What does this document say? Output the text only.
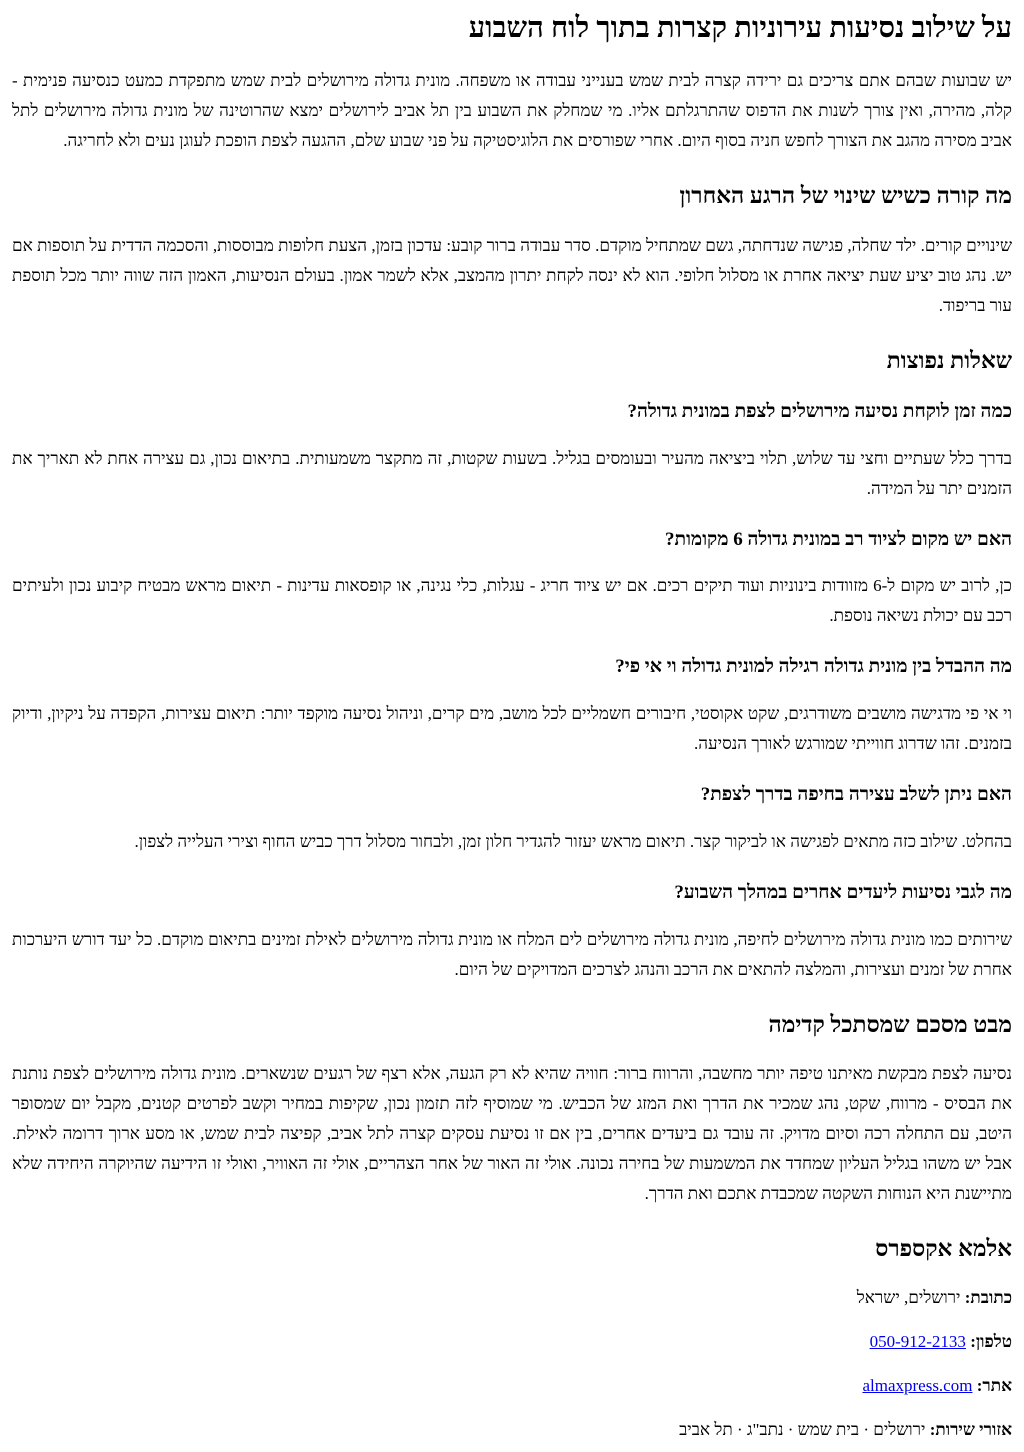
על שילוב נסיעות עירוניות קצרות בתוך לוח השבוע

יש שבועות שבהם אתם צריכים גם ירידה קצרה לבית שמש בענייני עבודה או משפחה. מונית גדולה מירושלים לבית שמש מתפקדת כמעט כנסיעה פנימית - קלה, מהירה, ואין צורך לשנות את הדפוס שהתרגלתם אליו. מי שמחלק את השבוע בין תל אביב לירושלים ימצא שהרוטינה של מונית גדולה מירושלים לתל אביב מסירה מהגב את הצורך לחפש חניה בסוף היום. אחרי שפורסים את הלוגיסטיקה על פני שבוע שלם, ההגעה לצפת הופכת לעוגן נעים ולא לחריגה.

מה קורה כשיש שינוי של הרגע האחרון

שינויים קורים. ילד שחלה, פגישה שנדחתה, גשם שמתחיל מוקדם. סדר עבודה ברור קובע: עדכון בזמן, הצעת חלופות מבוססות, והסכמה הדדית על תוספות אם יש. נהג טוב יציע שעת יציאה אחרת או מסלול חלופי. הוא לא ינסה לקחת יתרון מהמצב, אלא לשמר אמון. בעולם הנסיעות, האמון הזה שווה יותר מכל תוספת עור בריפוד.

שאלות נפוצות
כמה זמן לוקחת נסיעה מירושלים לצפת במונית גדולה?

בדרך כלל שעתיים וחצי עד שלוש, תלוי ביציאה מהעיר ובעומסים בגליל. בשעות שקטות, זה מתקצר משמעותית. בתיאום נכון, גם עצירה אחת לא תאריך את הזמנים יתר על המידה.

האם יש מקום לציוד רב במונית גדולה 6 מקומות?

כן, לרוב יש מקום ל-6 מזוודות בינוניות ועוד תיקים רכים. אם יש ציוד חריג - עגלות, כלי נגינה, או קופסאות עדינות - תיאום מראש מבטיח קיבוע נכון ולעיתים רכב עם יכולת נשיאה נוספת.

מה ההבדל בין מונית גדולה רגילה למונית גדולה וי אי פי?

וי אי פי מדגישה מושבים משודרגים, שקט אקוסטי, חיבורים חשמליים לכל מושב, מים קרים, וניהול נסיעה מוקפד יותר: תיאום עצירות, הקפדה על ניקיון, ודיוק בזמנים. זהו שדרוג חווייתי שמורגש לאורך הנסיעה.

האם ניתן לשלב עצירה בחיפה בדרך לצפת?

בהחלט. שילוב כזה מתאים לפגישה או לביקור קצר. תיאום מראש יעזור להגדיר חלון זמן, ולבחור מסלול דרך כביש החוף וצירי העלייה לצפון.

מה לגבי נסיעות ליעדים אחרים במהלך השבוע?

שירותים כמו מונית גדולה מירושלים לחיפה, מונית גדולה מירושלים לים המלח או מונית גדולה מירושלים לאילת זמינים בתיאום מוקדם. כל יעד דורש היערכות אחרת של זמנים ועצירות, והמלצה להתאים את הרכב והנהג לצרכים המדויקים של היום.

מבט מסכם שמסתכל קדימה

נסיעה לצפת מבקשת מאיתנו טיפה יותר מחשבה, והרווח ברור: חוויה שהיא לא רק הגעה, אלא רצף של רגעים שנשארים. מונית גדולה מירושלים לצפת נותנת את הבסיס - מרווח, שקט, נהג שמכיר את הדרך ואת המזג של הכביש. מי שמוסיף לזה תזמון נכון, שקיפות במחיר וקשב לפרטים קטנים, מקבל יום שמסופר היטב, עם התחלה רכה וסיום מדויק. זה עובד גם ביעדים אחרים, בין אם זו נסיעת עסקים קצרה לתל אביב, קפיצה לבית שמש, או מסע ארוך דרומה לאילת. אבל יש משהו בגליל העליון שמחדד את המשמעות של בחירה נכונה. אולי זה האור של אחר הצהריים, אולי זה האוויר, ואולי זו הידיעה שהיוקרה היחידה שלא מתיישנת היא הנוחות השקטה שמכבדת אתכם ואת הדרך.

אלמא אקספרס

כתובת: ירושלים, ישראל

טלפון: 050-912-2133

אתר: almaxpress.com

אזורי שירות: ירושלים · בית שמש · נתב"ג · תל אביב
